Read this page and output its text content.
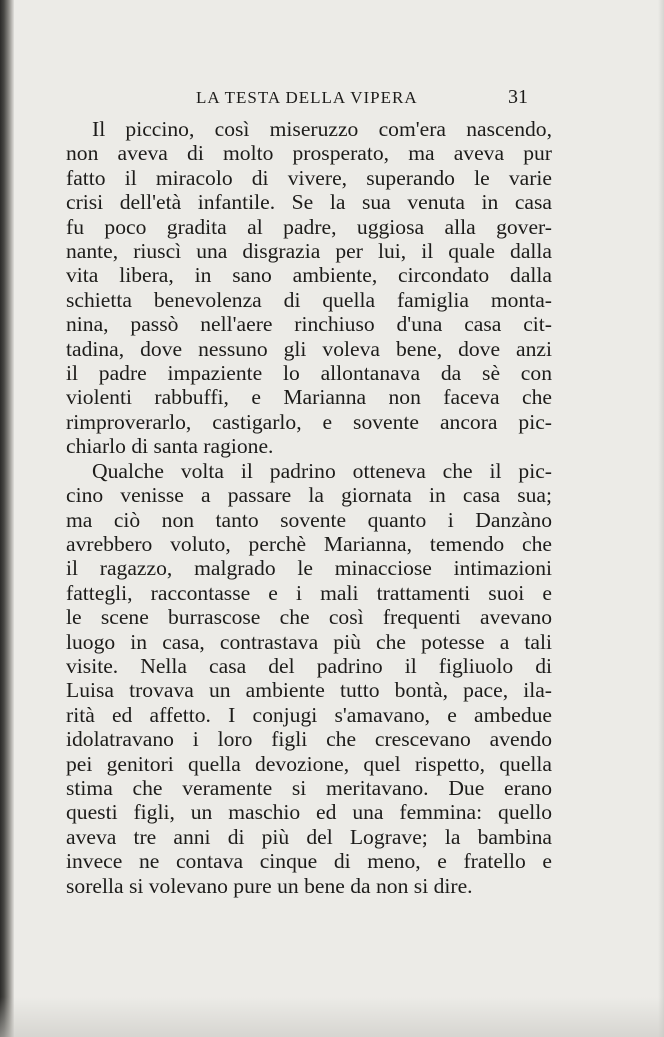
LA TESTA DELLA VIPERA	31
Il piccino, così miseruzzo com'era nascendo,
non aveva di molto prosperato, ma aveva pur
fatto il miracolo di vivere, superando le varie
crisi dell'età infantile. Se la sua venuta in casa
fu poco gradita al padre, uggiosa alla gover-
nante, riuscì una disgrazia per lui, il quale dalla
vita libera, in sano ambiente, circondato dalla
schietta benevolenza di quella famiglia monta-
nina, passò nell'aere rinchiuso d'una casa cit-
tadina, dove nessuno gli voleva bene, dove anzi
il padre impaziente lo allontanava da sè con
violenti rabbuffi, e Marianna non faceva che
rimproverarlo, castigarlo, e sovente ancora pic-
chiarlo di santa ragione.
Qualche volta il padrino otteneva che il pic-
cino venisse a passare la giornata in casa sua;
ma ciò non tanto sovente quanto i Danzàno
avrebbero voluto, perchè Marianna, temendo che
il ragazzo, malgrado le minacciose intimazioni
fattegli, raccontasse e i mali trattamenti suoi e
le scene burrascose che così frequenti avevano
luogo in casa, contrastava più che potesse a tali
visite. Nella casa del padrino il figliuolo di
Luisa trovava un ambiente tutto bontà, pace, ila-
rità ed affetto. I conjugi s'amavano, e ambedue
idolatravano i loro figli che crescevano avendo
pei genitori quella devozione, quel rispetto, quella
stima che veramente si meritavano. Due erano
questi figli, un maschio ed una femmina: quello
aveva tre anni di più del Lograve; la bambina
invece ne contava cinque di meno, e fratello e
sorella si volevano pure un bene da non si dire.
